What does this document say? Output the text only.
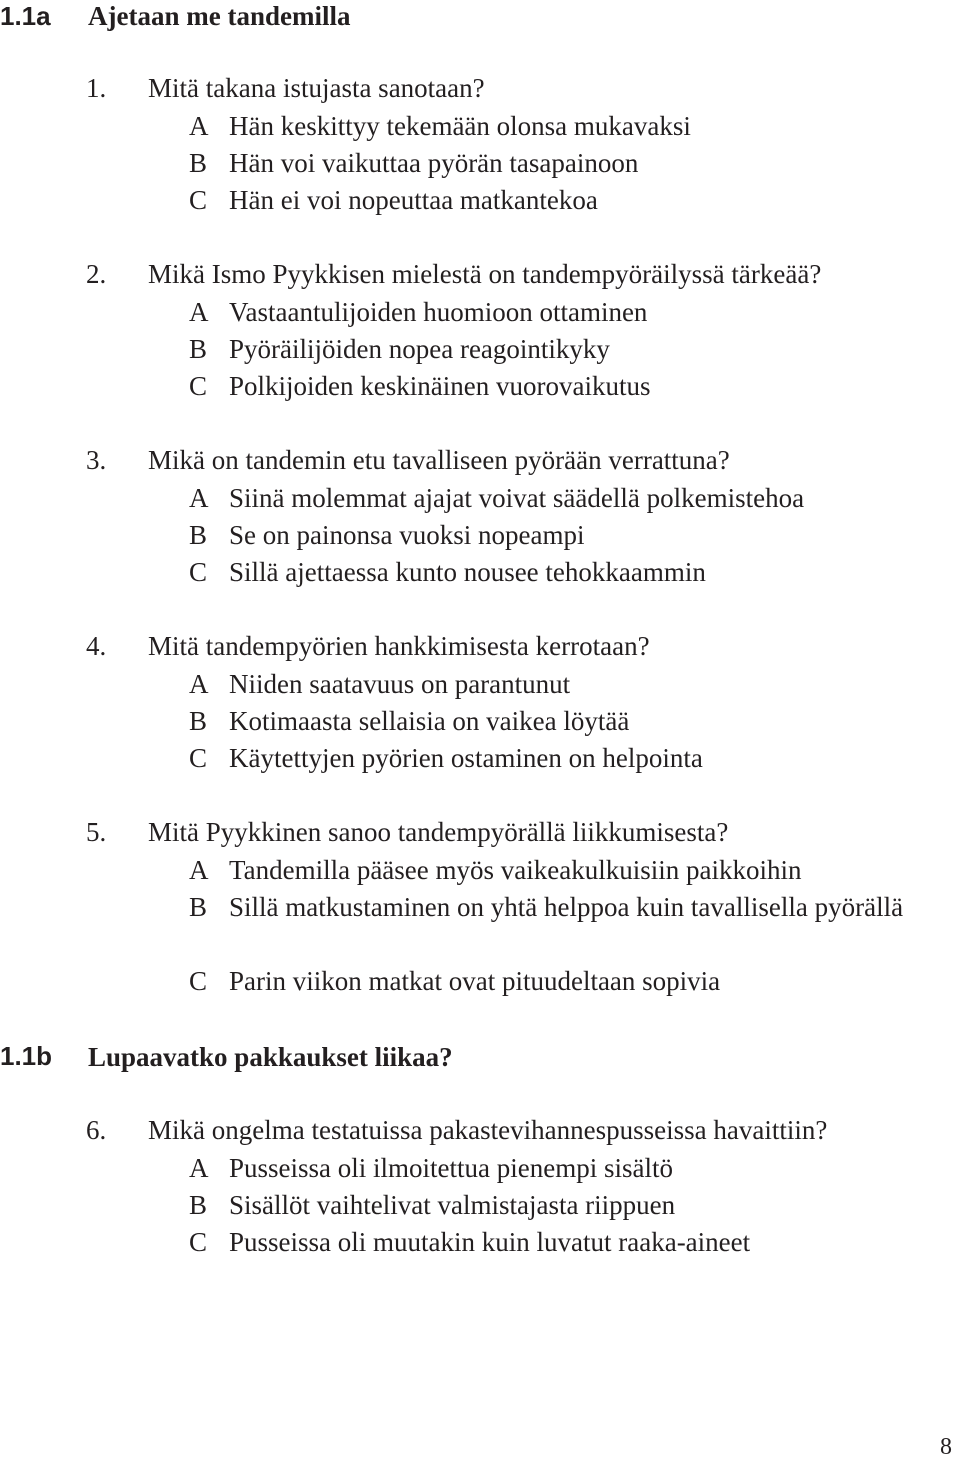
1.1a Ajetaan me tandemilla
1. Mitä takana istujasta sanotaan?
A Hän keskittyy tekemään olonsa mukavaksi
B Hän voi vaikuttaa pyörän tasapainoon
C Hän ei voi nopeuttaa matkantekoa
2. Mikä Ismo Pyykkisen mielestä on tandempyöräilyssä tärkeää?
A Vastaantulijoiden huomioon ottaminen
B Pyöräilijöiden nopea reagointikyky
C Polkijoiden keskinäinen vuorovaikutus
3. Mikä on tandemin etu tavalliseen pyörään verrattuna?
A Siinä molemmat ajajat voivat säädellä polkemistehoa
B Se on painonsa vuoksi nopeampi
C Sillä ajettaessa kunto nousee tehokkaammin
4. Mitä tandempyörien hankkimisesta kerrotaan?
A Niiden saatavuus on parantunut
B Kotimaasta sellaisia on vaikea löytää
C Käytettyjen pyörien ostaminen on helpointa
5. Mitä Pyykkinen sanoo tandempyörällä liikkumisesta?
A Tandemilla pääsee myös vaikeakulkuisiin paikkoihin
B Sillä matkustaminen on yhtä helppoa kuin tavallisella pyörällä
C Parin viikon matkat ovat pituudeltaan sopivia
1.1b Lupaavatko pakkaukset liikaa?
6. Mikä ongelma testatuissa pakastevihannespusseissa havaittiin?
A Pusseissa oli ilmoitettua pienempi sisältö
B Sisällöt vaihtelivat valmistajasta riippuen
C Pusseissa oli muutakin kuin luvatut raaka-aineet
8
